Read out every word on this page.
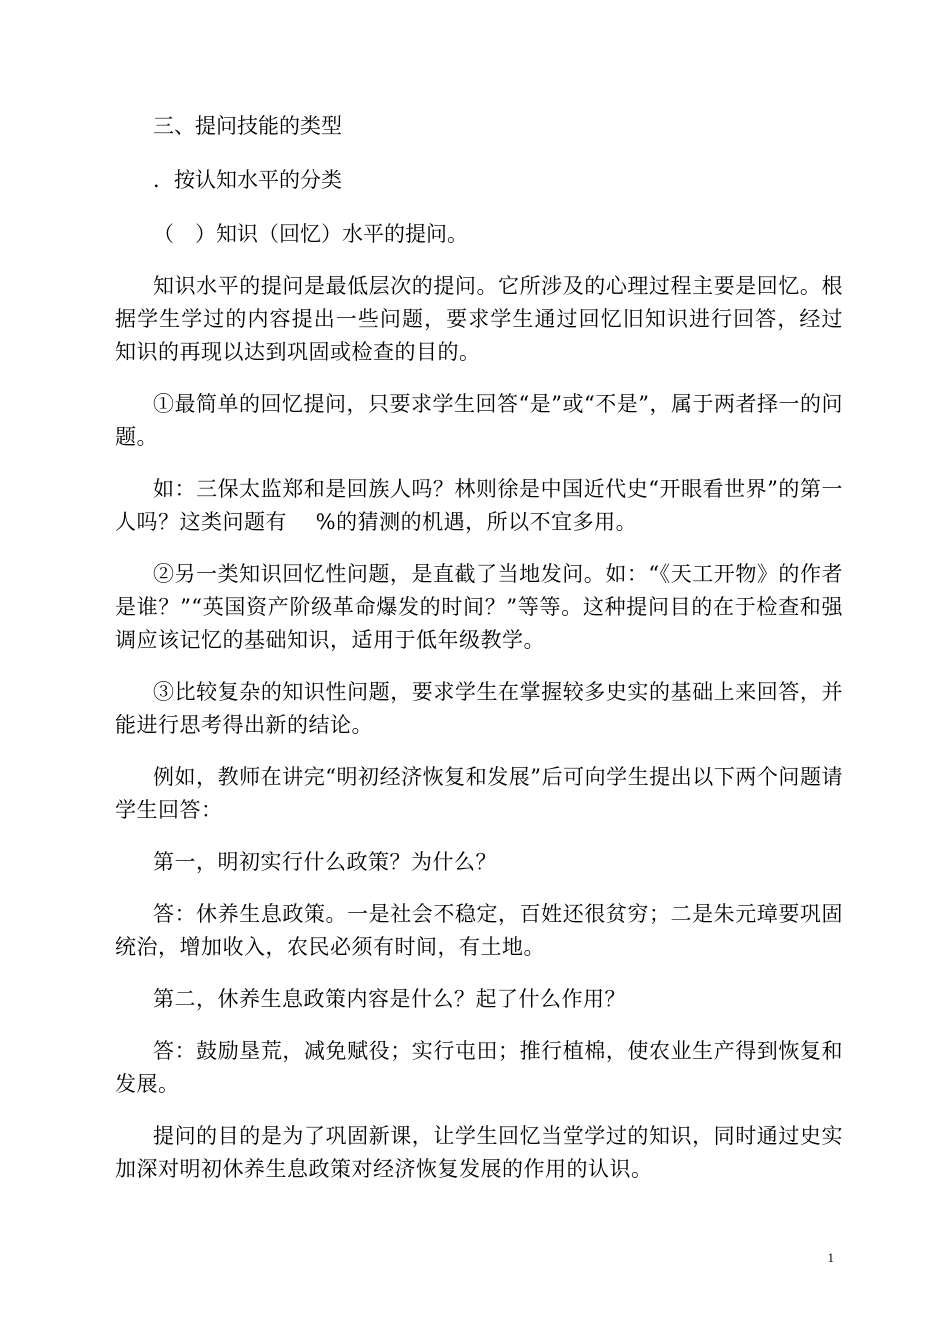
三、提问技能的类型

．按认知水平的分类

（　）知识（回忆）水平的提问。

知识水平的提问是最低层次的提问。它所涉及的心理过程主要是回忆。根据学生学过的内容提出一些问题，要求学生通过回忆旧知识进行回答，经过知识的再现以达到巩固或检查的目的。

①最简单的回忆提问，只要求学生回答“是”或“不是”，属于两者择一的问题。

如：三保太监郑和是回族人吗？林则徐是中国近代史“开眼看世界”的第一人吗？这类问题有　 %的猜测的机遇，所以不宜多用。

②另一类知识回忆性问题，是直截了当地发问。如：“《天工开物》的作者是谁？”“英国资产阶级革命爆发的时间？”等等。这种提问目的在于检查和强调应该记忆的基础知识，适用于低年级教学。

③比较复杂的知识性问题，要求学生在掌握较多史实的基础上来回答，并能进行思考得出新的结论。

例如，教师在讲完“明初经济恢复和发展”后可向学生提出以下两个问题请学生回答：

第一，明初实行什么政策？为什么？

答：休养生息政策。一是社会不稳定，百姓还很贫穷；二是朱元璋要巩固统治，增加收入，农民必须有时间，有土地。

第二，休养生息政策内容是什么？起了什么作用？

答：鼓励垦荒，减免赋役；实行屯田；推行植棉，使农业生产得到恢复和发展。

提问的目的是为了巩固新课，让学生回忆当堂学过的知识，同时通过史实加深对明初休养生息政策对经济恢复发展的作用的认识。

1
